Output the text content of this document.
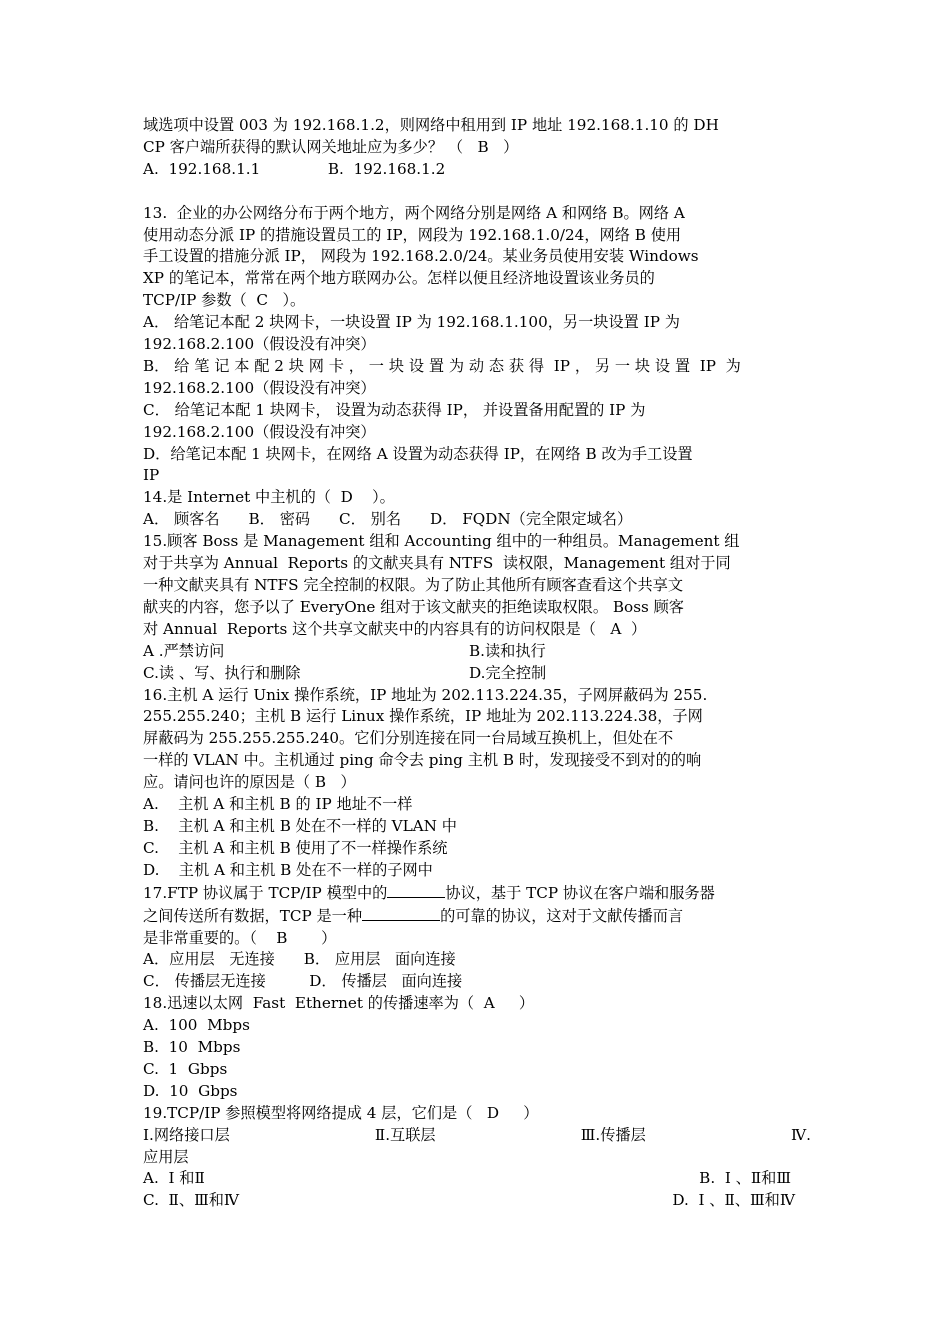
域选项中设置 003 为 192.168.1.2，则网络中租用到 IP 地址 192.168.1.10 的 DH
CP 客户端所获得的默认网关地址应为多少？ （   B   ）
A.  192.168.1.1              B.  192.168.1.2
13.  企业的办公网络分布于两个地方，两个网络分别是网络 A 和网络 B。网络 A
使用动态分派 IP 的措施设置员工的 IP，网段为 192.168.1.0/24，网络 B 使用
手工设置的措施分派 IP， 网段为 192.168.2.0/24。某业务员使用安装 Windows
XP 的笔记本，常常在两个地方联网办公。怎样以便且经济地设置该业务员的
TCP/IP 参数（  C   ）。
A． 给笔记本配 2 块网卡，一块设置 IP 为 192.168.1.100，另一块设置 IP 为
192.168.2.100（假设没有冲突）
B． 给 笔 记 本 配 2 块 网 卡 ， 一 块 设 置 为 动 态 获 得  IP ， 另 一 块 设 置  IP  为
192.168.2.100（假设没有冲突）
C． 给笔记本配 1 块网卡， 设置为动态获得 IP， 并设置备用配置的 IP 为
192.168.2.100（假设没有冲突）
D．给笔记本配 1 块网卡，在网络 A 设置为动态获得 IP，在网络 B 改为手工设置
IP
14.是 Internet 中主机的（  D    ）。
A． 顾客名      B． 密码      C． 别名      D． FQDN（完全限定域名）
15.顾客 Boss 是 Management 组和 Accounting 组中的一种组员。Management 组
对于共享为 Annual  Reports 的文献夹具有 NTFS  读权限，Management 组对于同
一种文献夹具有 NTFS 完全控制的权限。为了防止其他所有顾客查看这个共享文
献夹的内容，您予以了 EveryOne 组对于该文献夹的拒绝读取权限。 Boss 顾客
对 Annual  Reports 这个共享文献夹中的内容具有的访问权限是（   A  ）
A .严禁访问	B.读和执行
C.读 、写、执行和删除	D.完全控制
16.主机 A 运行 Unix 操作系统，IP 地址为 202.113.224.35，子网屏蔽码为 255.
255.255.240；主机 B 运行 Linux 操作系统，IP 地址为 202.113.224.38，子网
屏蔽码为 255.255.255.240。它们分别连接在同一台局域互换机上，但处在不
一样的 VLAN 中。主机通过 ping 命令去 ping 主机 B 时，发现接受不到对的的响
应。请问也许的原因是（ B   ）
A.    主机 A 和主机 B 的 IP 地址不一样
B.    主机 A 和主机 B 处在不一样的 VLAN 中
C.    主机 A 和主机 B 使用了不一样操作系统
D.    主机 A 和主机 B 处在不一样的子网中
17.FTP 协议属于 TCP/IP 模型中的	协议，基于 TCP 协议在客户端和服务器
之间传送所有数据，TCP 是一种	的可靠的协议，这对于文献传播而言
是非常重要的。（    B       ）
A．应用层   无连接      B． 应用层   面向连接
C． 传播层无连接         D． 传播层   面向连接
18.迅速以太网  Fast  Ethernet 的传播速率为（  A     ）
A.  100  Mbps
B.  10  Mbps
C.  1  Gbps
D.  10  Gbps
19.TCP/IP 参照模型将网络提成 4 层，它们是（   D     ）
Ⅰ.网络接口层	Ⅱ.互联层	Ⅲ.传播层	Ⅳ.
应用层
A.  Ⅰ 和Ⅱ	B.  Ⅰ 、Ⅱ和Ⅲ
C.  Ⅱ、Ⅲ和Ⅳ	D.  Ⅰ 、Ⅱ、Ⅲ和Ⅳ
